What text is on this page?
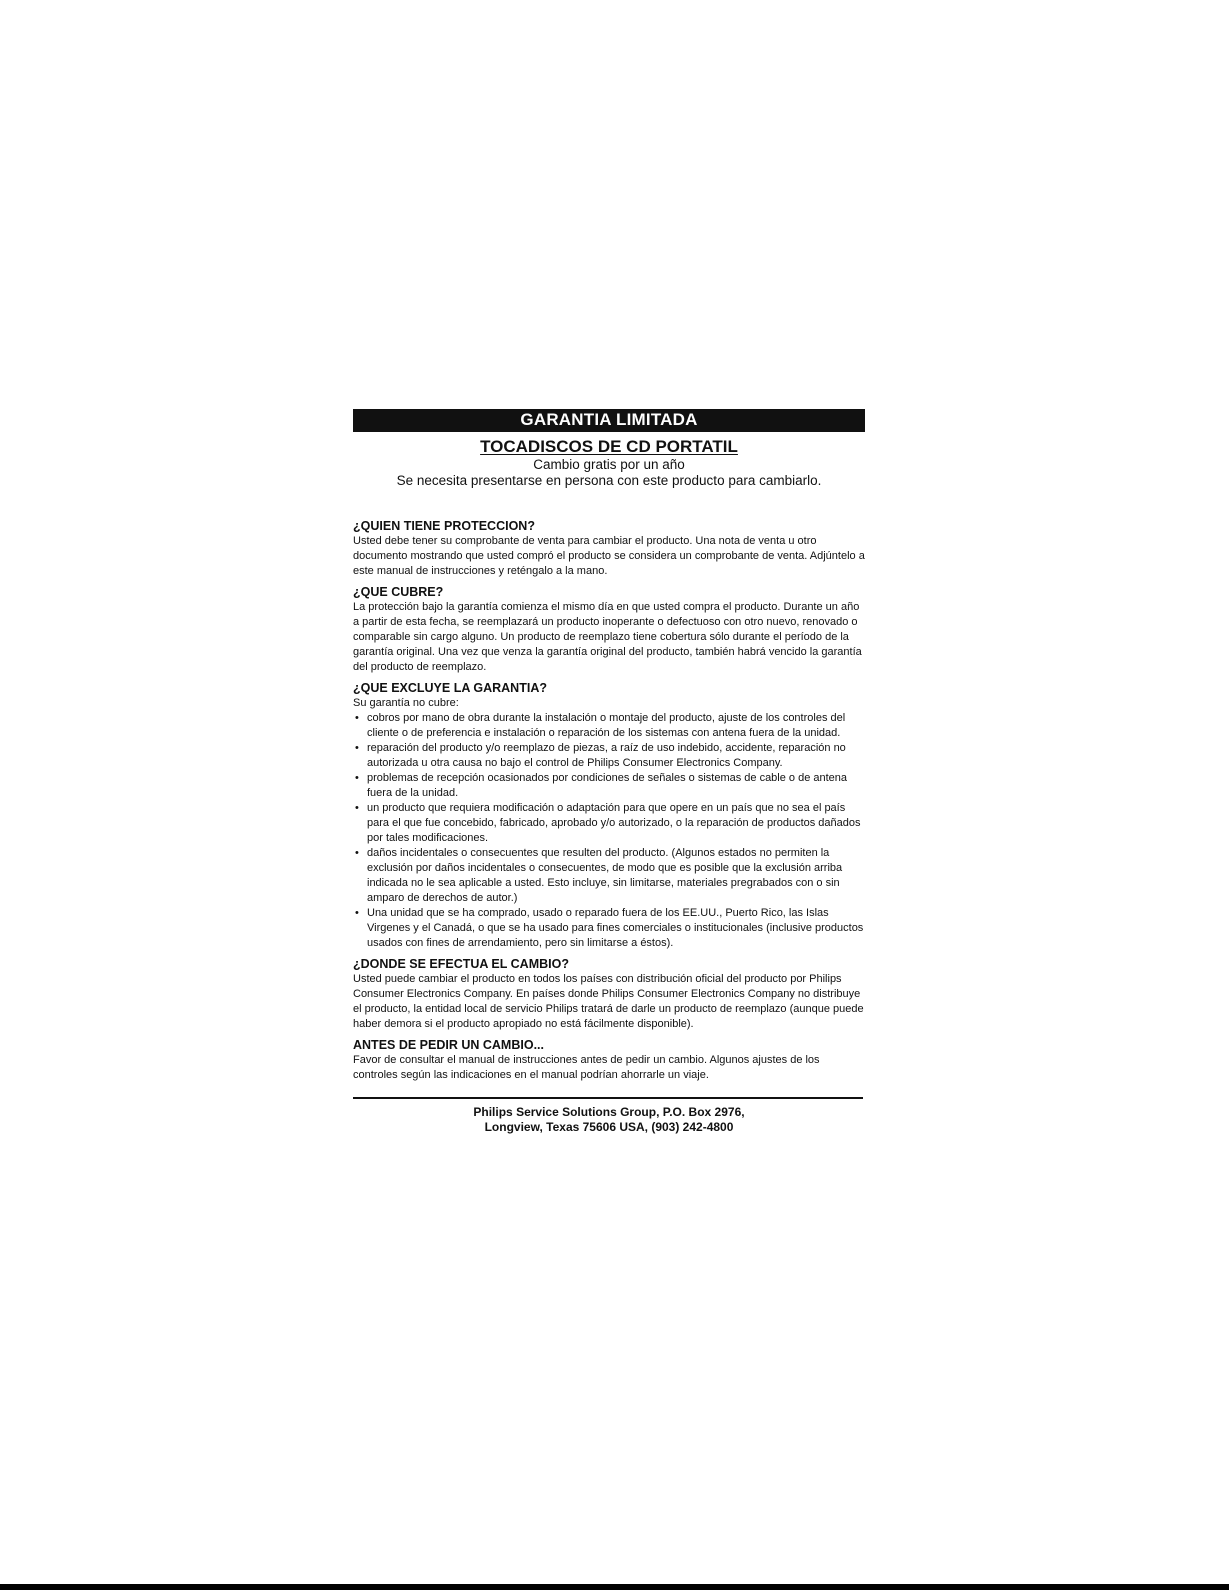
GARANTIA LIMITADA
TOCADISCOS DE CD PORTATIL
Cambio gratis por un año
Se necesita presentarse en persona con este producto para cambiarlo.

¿QUIEN TIENE PROTECCION?

Usted debe tener su comprobante de venta para cambiar el producto. Una nota de venta u otro documento mostrando que usted compró el producto se considera un comprobante de venta. Adjúntelo a este manual de instrucciones y reténgalo a la mano.

¿QUE CUBRE?

La protección bajo la garantía comienza el mismo día en que usted compra el producto. Durante un año a partir de esta fecha, se reemplazará un producto inoperante o defectuoso con otro nuevo, renovado o comparable sin cargo alguno. Un producto de reemplazo tiene cobertura sólo durante el período de la garantía original. Una vez que venza la garantía original del producto, también habrá vencido la garantía del producto de reemplazo.

¿QUE EXCLUYE LA GARANTIA?

Su garantía no cubre:

• cobros por mano de obra durante la instalación o montaje del producto, ajuste de los controles del cliente o de preferencia e instalación o reparación de los sistemas con antena fuera de la unidad.
• reparación del producto y/o reemplazo de piezas, a raíz de uso indebido, accidente, reparación no autorizada u otra causa no bajo el control de Philips Consumer Electronics Company.
• problemas de recepción ocasionados por condiciones de señales o sistemas de cable o de antena fuera de la unidad.
• un producto que requiera modificación o adaptación para que opere en un país que no sea el país para el que fue concebido, fabricado, aprobado y/o autorizado, o la reparación de productos dañados por tales modificaciones.
• daños incidentales o consecuentes que resulten del producto. (Algunos estados no permiten la exclusión por daños incidentales o consecuentes, de modo que es posible que la exclusión arriba indicada no le sea aplicable a usted. Esto incluye, sin limitarse, materiales pregrabados con o sin amparo de derechos de autor.)
• Una unidad que se ha comprado, usado o reparado fuera de los EE.UU., Puerto Rico, las Islas Virgenes y el Canadá, o que se ha usado para fines comerciales o institucionales (inclusive productos usados con fines de arrendamiento, pero sin limitarse a éstos).

¿DONDE SE EFECTUA EL CAMBIO?

Usted puede cambiar el producto en todos los países con distribución oficial del producto por Philips Consumer Electronics Company. En países donde Philips Consumer Electronics Company no distribuye el producto, la entidad local de servicio Philips tratará de darle un producto de reemplazo (aunque puede haber demora si el producto apropiado no está fácilmente disponible).

ANTES DE PEDIR UN CAMBIO...

Favor de consultar el manual de instrucciones antes de pedir un cambio. Algunos ajustes de los controles según las indicaciones en el manual podrían ahorrarle un viaje.

Philips Service Solutions Group, P.O. Box 2976,
Longview, Texas 75606 USA, (903) 242-4800
